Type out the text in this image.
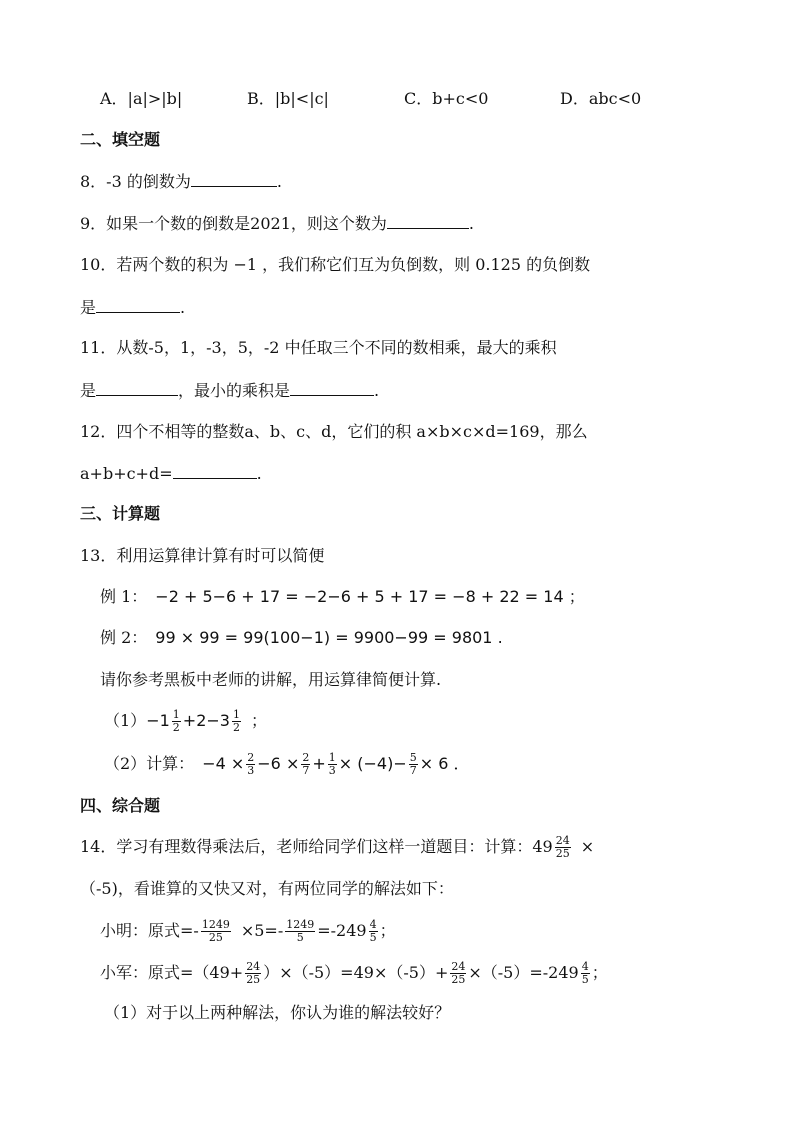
A．|a|>|b|	B．|b|<|c|	C．b+c<0	D．abc<0
二、填空题
8．-3 的倒数为	.
9．如果一个数的倒数是2021，则这个数为	.
10．若两个数的积为 −1 ，我们称它们互为负倒数，则 0.125 的负倒数
是	.
11．从数-5，1，-3，5，-2 中任取三个不同的数相乘，最大的乘积
是	，最小的乘积是	.
12．四个不相等的整数a、b、c、d，它们的积 a×b×c×d=169，那么
a+b+c+d=	.
三、计算题
13．利用运算律计算有时可以简便
例 1： −2 + 5−6 + 17 = −2−6 + 5 + 17 = −8 + 22 = 14 ；
例 2： 99 × 99 = 99(100−1) = 9900−99 = 9801 .
请你参考黑板中老师的讲解，用运算律简便计算.
$(1)-1 \frac{1}{2} +2-3 \frac{1}{2}$ ；
（2）计算： $-4 \times \frac{2}{3} -6 \times \frac{2}{7} + \frac{1}{3} \times (-4)- \frac{5}{7} \times 6$ ．
四、综合题
14．学习有理数得乘法后，老师给同学们这样一道题目：计算：$49 \frac{24}{25}$ ×
（-5)，看谁算的又快又对，有两位同学的解法如下：
小明：原式=- $\frac{1249}{25} \times 5=- \frac{1249}{5} =-249 \frac{4}{5}$ ；
小军：原式$=(49+ \frac{24}{25} )\times(-5)=49\times(-5)+ \frac{24}{25} \times(-5)=-249 \frac{4}{5}$ ；
（1）对于以上两种解法，你认为谁的解法较好？
